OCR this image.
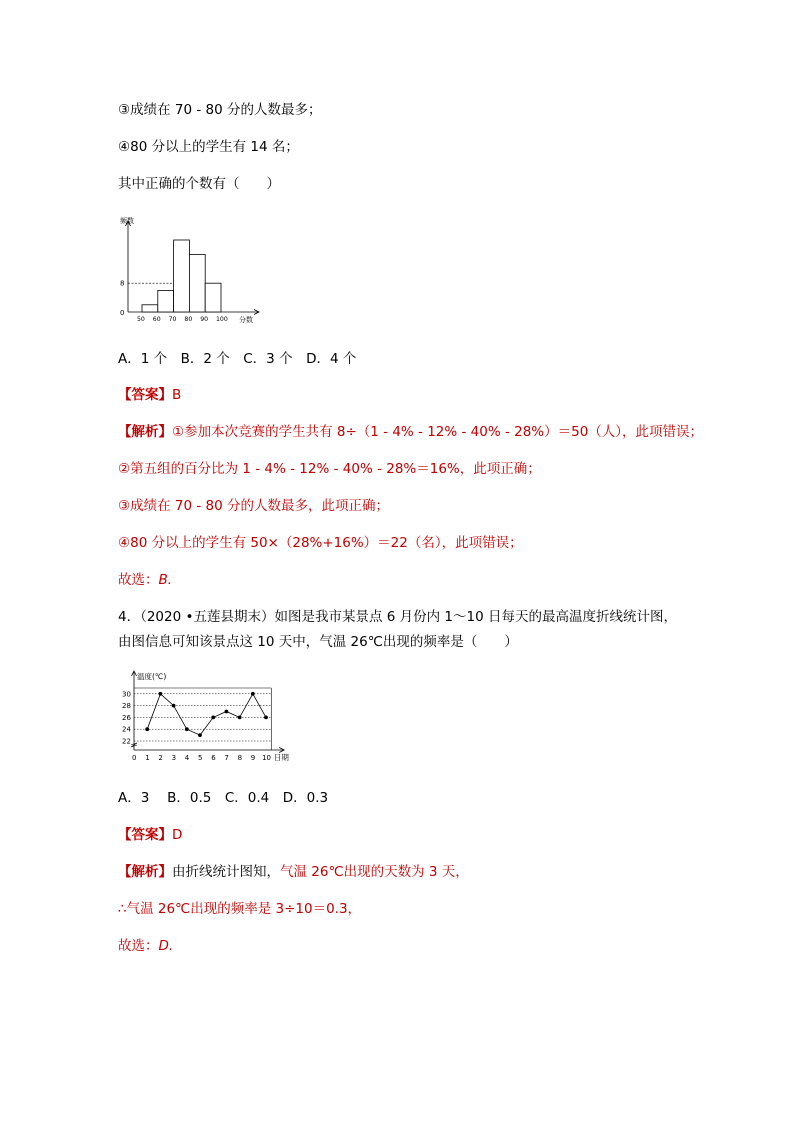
③成绩在 70 - 80 分的人数最多；
④80 分以上的学生有 14 名；
其中正确的个数有（　　）
频数
分数
0
8
50 60 70 80 90 100
A．1 个　B．2 个　C．3 个　D．4 个
【答案】B
【解析】①参加本次竞赛的学生共有 8÷（1 - 4% - 12% - 40% - 28%）＝50（人），此项错误；
②第五组的百分比为 1 - 4% - 12% - 40% - 28%＝16%，此项正确；
③成绩在 70 - 80 分的人数最多，此项正确；
④80 分以上的学生有 50×（28%+16%）＝22（名），此项错误；
故选：B.
4．（2020 •五莲县期末）如图是我市某景点 6 月份内 1～10 日每天的最高温度折线统计图，
由图信息可知该景点这 10 天中，气温 26℃出现的频率是（　　）
22
24
26
28
30
温度(℃)
日期
0 1 2 3 4 5 6 7 8 9 10
A．3　 B．0.5　C．0.4　D．0.3
【答案】D
【解析】由折线统计图知，气温 26℃出现的天数为 3 天，
∴气温 26℃出现的频率是 3÷10＝0.3，
故选：D.
